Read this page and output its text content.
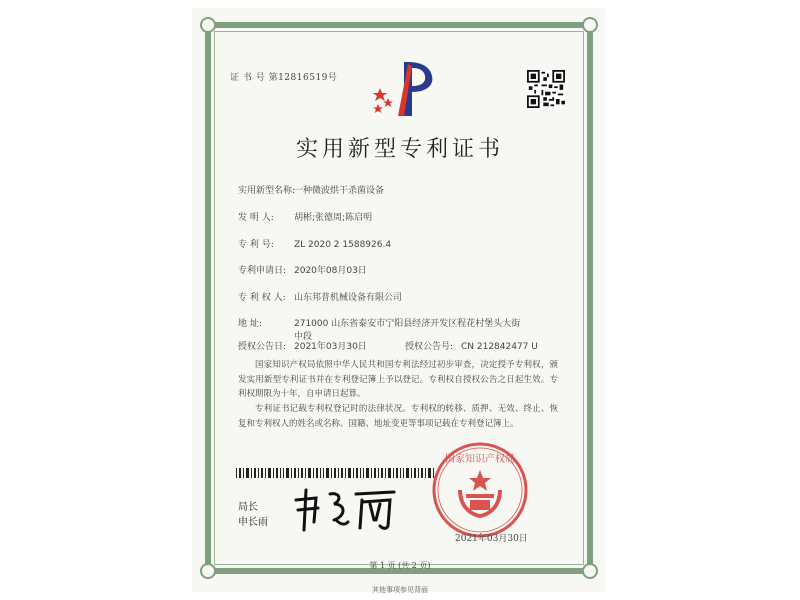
证 书 号 第12816519号
实用新型专利证书
实用新型名称:一种微波烘干杀菌设备
发 明 人: 胡彬;张德周;陈启明
专 利 号: ZL 2020 2 1588926.4
专利申请日: 2020年08月03日
专 利 权 人: 山东邦普机械设备有限公司
地 址:	271000 山东省泰安市宁阳县经济开发区程花村堡头大街
中段
授权公告日: 2021年03月30日	授权公告号: CN 212842477 U
国家知识产权局依照中华人民共和国专利法经过初步审查，决定授予专利权，颁发实用新型专利证书并在专利登记簿上予以登记。专利权自授权公告之日起生效。专利权期限为十年，自申请日起算。
专利证书记载专利权登记时的法律状况。专利权的转移、质押、无效、终止、恢复和专利权人的姓名或名称、国籍、地址变更等事项记载在专利登记簿上。
局长
申长雨
国家知识产权局
2021年03月30日
第 1 页 (共 2 页)
其他事项参见背面
